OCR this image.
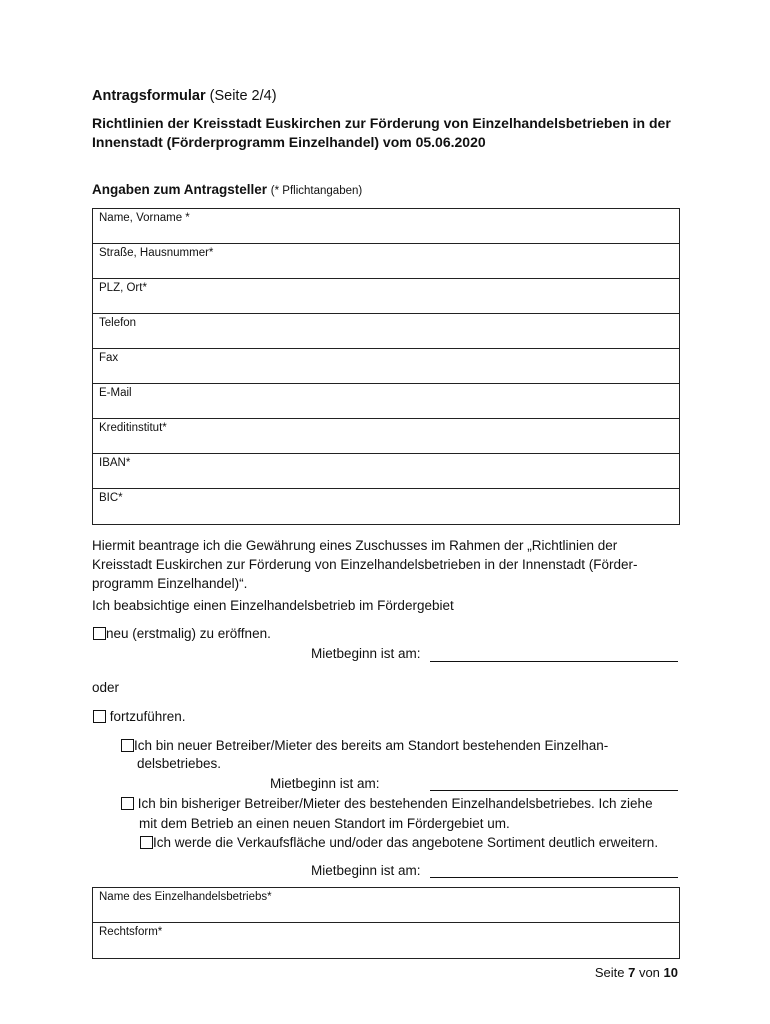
Antragsformular (Seite 2/4)
Richtlinien der Kreisstadt Euskirchen zur Förderung von Einzelhandelsbetrieben in der Innenstadt (Förderprogramm Einzelhandel) vom 05.06.2020
Angaben zum Antragsteller (* Pflichtangaben)
Name, Vorname *
Straße, Hausnummer*
PLZ, Ort*
Telefon
Fax
E-Mail
Kreditinstitut*
IBAN*
BIC*
Hiermit beantrage ich die Gewährung eines Zuschusses im Rahmen der „Richtlinien der
Kreisstadt Euskirchen zur Förderung von Einzelhandelsbetrieben in der Innenstadt (Förder-
programm Einzelhandel)“.
Ich beabsichtige einen Einzelhandelsbetrieb im Fördergebiet
neu (erstmalig) zu eröffnen.
Mietbeginn ist am:
oder
fortzuführen.
Ich bin neuer Betreiber/Mieter des bereits am Standort bestehenden Einzelhan-
delsbetriebes.
Mietbeginn ist am:
Ich bin bisheriger Betreiber/Mieter des bestehenden Einzelhandelsbetriebes. Ich ziehe
mit dem Betrieb an einen neuen Standort im Fördergebiet um.
Ich werde die Verkaufsfläche und/oder das angebotene Sortiment deutlich erweitern.
Mietbeginn ist am:
Name des Einzelhandelsbetriebs*
Rechtsform*
Seite 7 von 10
